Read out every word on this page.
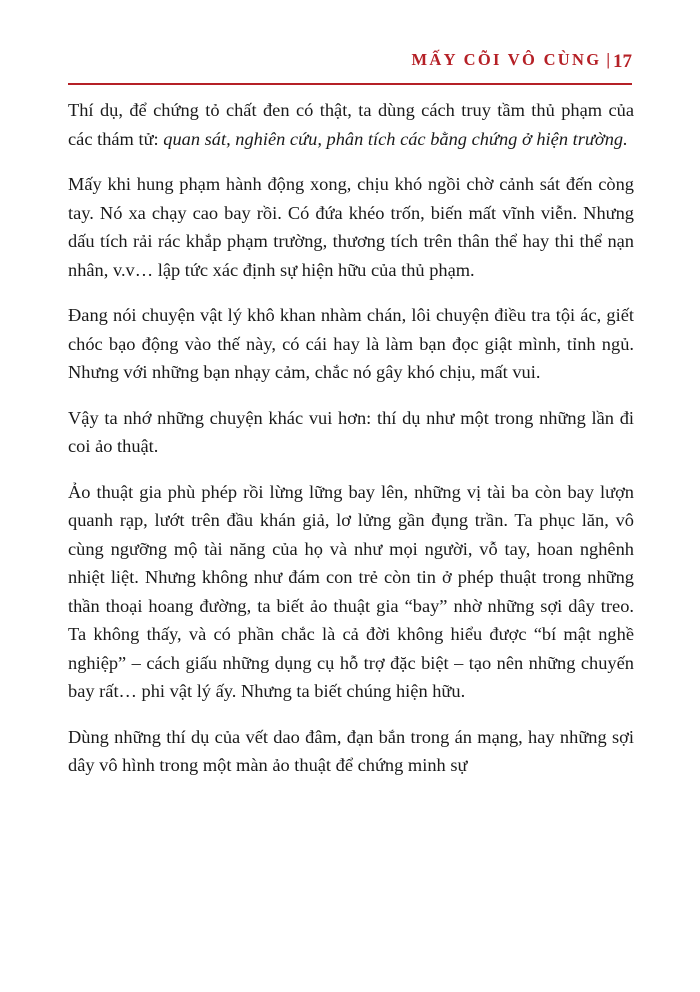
MẤY CÕI VÔ CÙNG | 17

Thí dụ, để chứng tỏ chất đen có thật, ta dùng cách truy tầm thủ phạm của các thám tử: quan sát, nghiên cứu, phân tích các bằng chứng ở hiện trường.

Mấy khi hung phạm hành động xong, chịu khó ngồi chờ cảnh sát đến còng tay. Nó xa chạy cao bay rồi. Có đứa khéo trốn, biến mất vĩnh viễn. Nhưng dấu tích rải rác khắp phạm trường, thương tích trên thân thể hay thi thể nạn nhân, v.v… lập tức xác định sự hiện hữu của thủ phạm.

Đang nói chuyện vật lý khô khan nhàm chán, lôi chuyện điều tra tội ác, giết chóc bạo động vào thế này, có cái hay là làm bạn đọc giật mình, tỉnh ngủ. Nhưng với những bạn nhạy cảm, chắc nó gây khó chịu, mất vui.

Vậy ta nhớ những chuyện khác vui hơn: thí dụ như một trong những lần đi coi ảo thuật.

Ảo thuật gia phù phép rồi lừng lững bay lên, những vị tài ba còn bay lượn quanh rạp, lướt trên đầu khán giả, lơ lửng gần đụng trần. Ta phục lăn, vô cùng ngưỡng mộ tài năng của họ và như mọi người, vỗ tay, hoan nghênh nhiệt liệt. Nhưng không như đám con trẻ còn tin ở phép thuật trong những thần thoại hoang đường, ta biết ảo thuật gia “bay” nhờ những sợi dây treo. Ta không thấy, và có phần chắc là cả đời không hiểu được “bí mật nghề nghiệp” – cách giấu những dụng cụ hỗ trợ đặc biệt – tạo nên những chuyến bay rất… phi vật lý ấy. Nhưng ta biết chúng hiện hữu.

Dùng những thí dụ của vết dao đâm, đạn bắn trong án mạng, hay những sợi dây vô hình trong một màn ảo thuật để chứng minh sự
